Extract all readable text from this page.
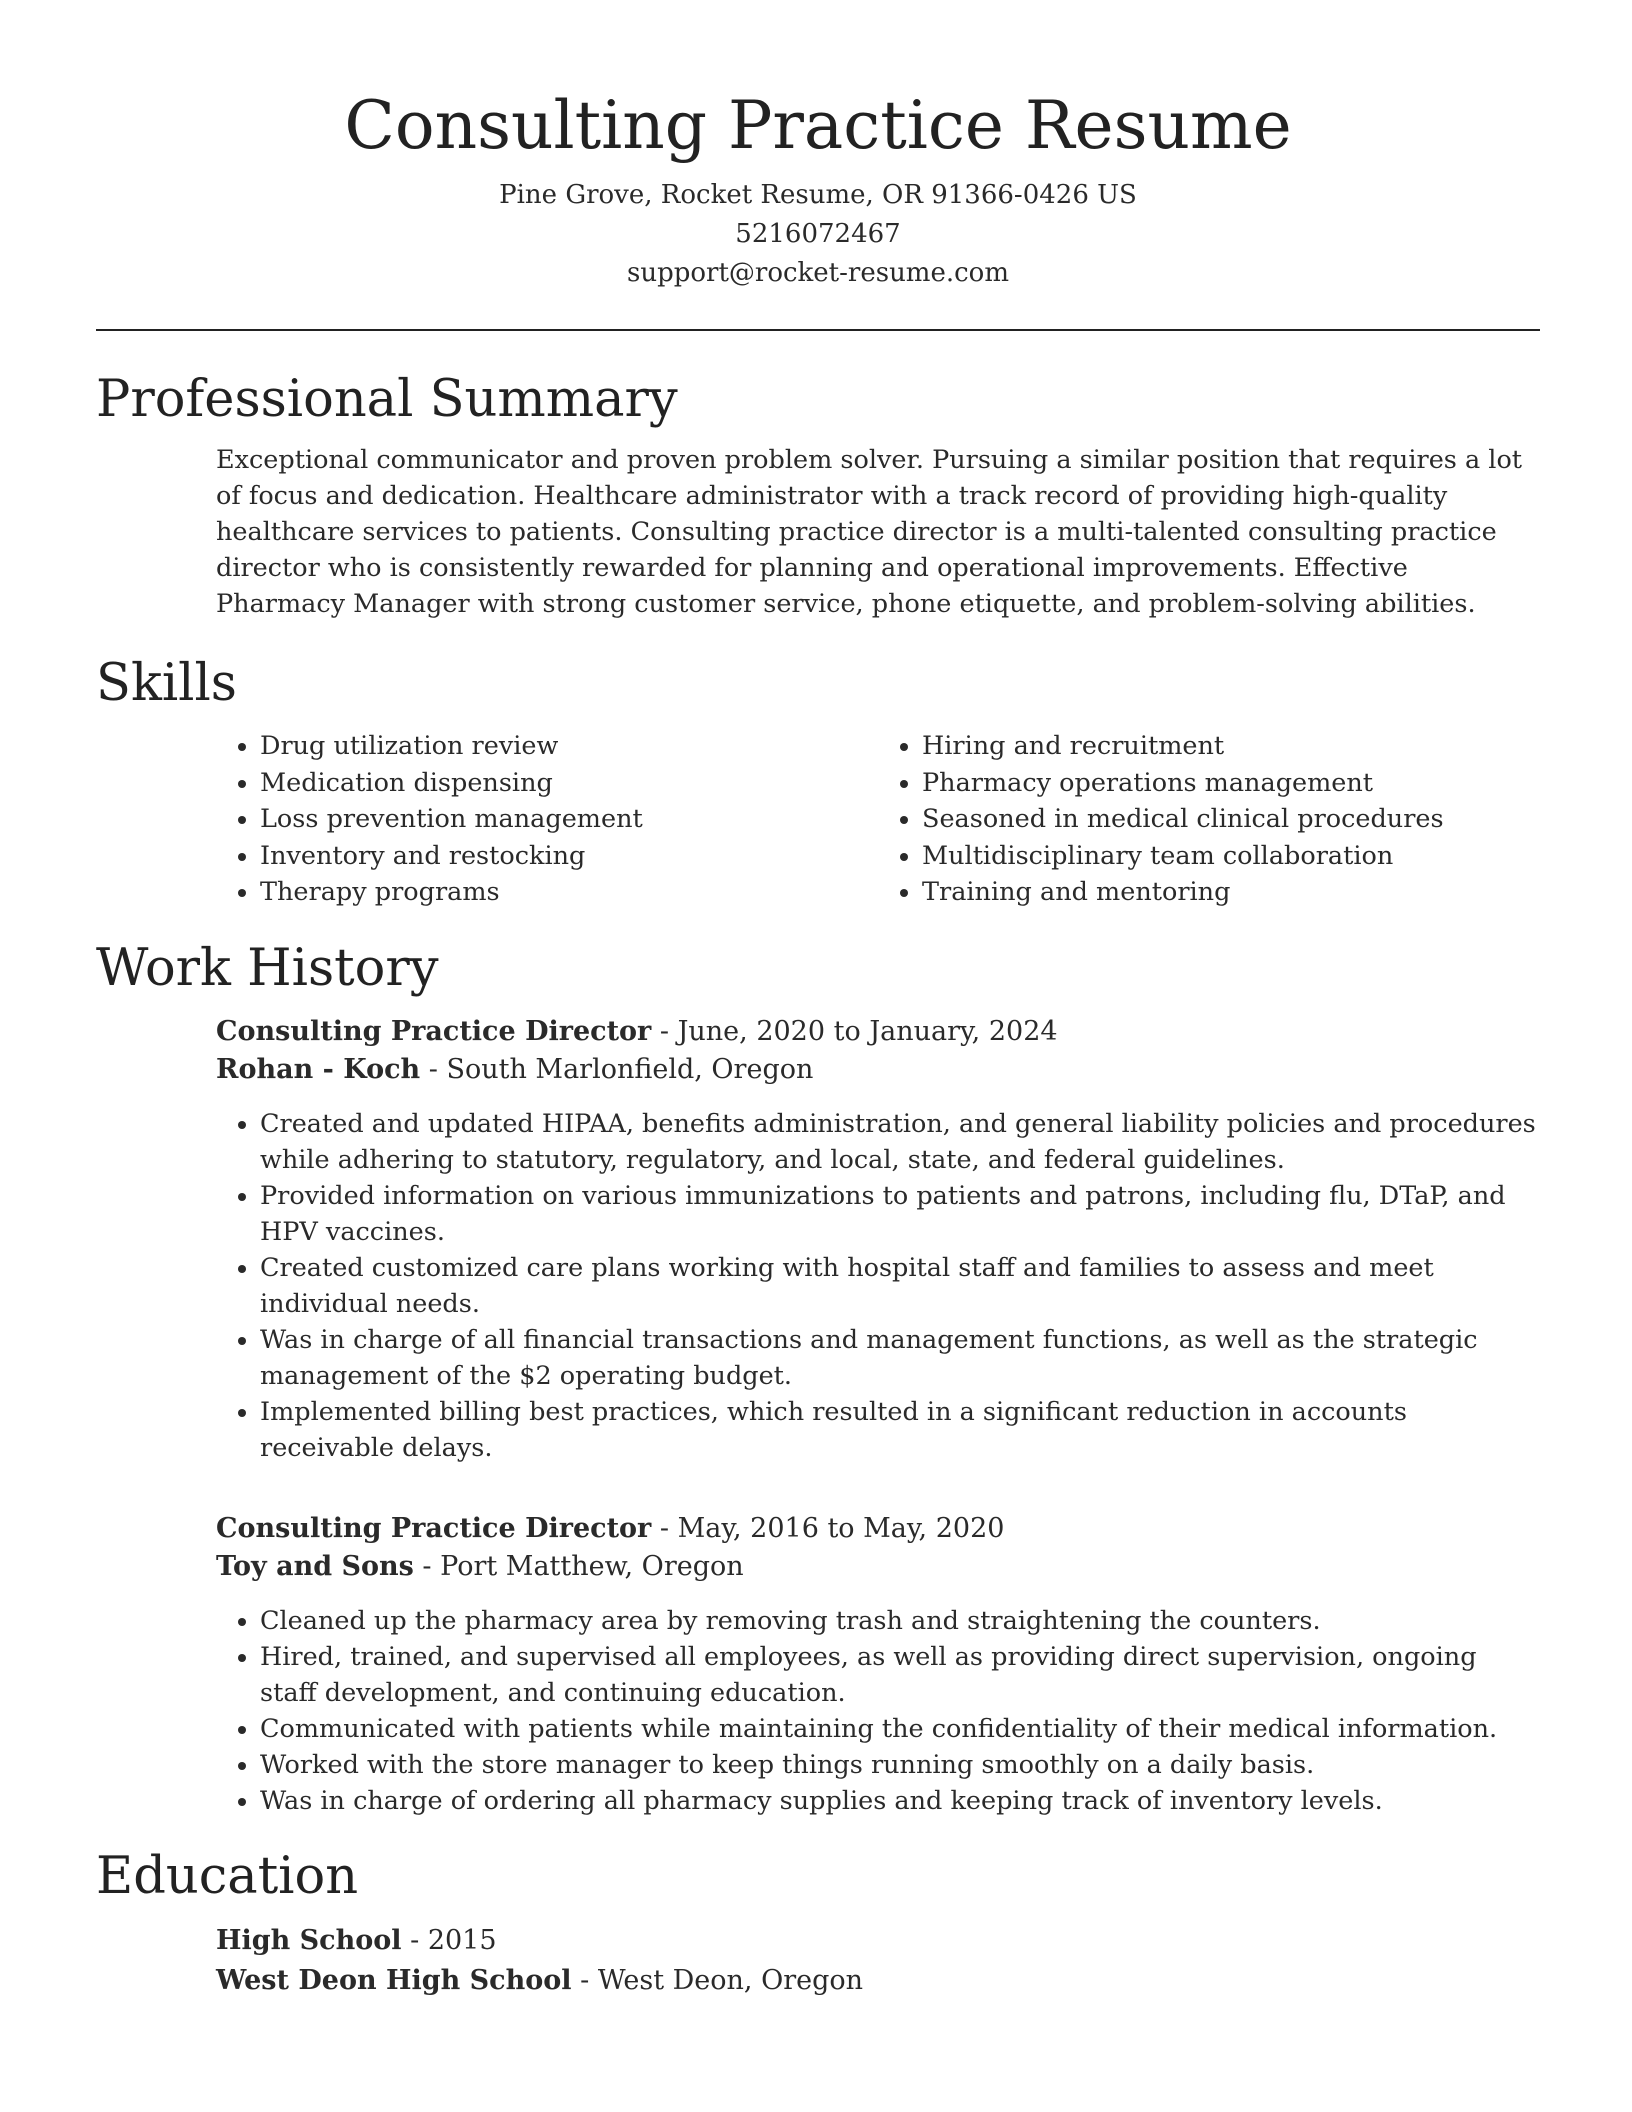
Consulting Practice Resume
Pine Grove, Rocket Resume, OR 91366-0426 US
5216072467
support@rocket-resume.com
Professional Summary
Exceptional communicator and proven problem solver. Pursuing a similar position that requires a lot of focus and dedication. Healthcare administrator with a track record of providing high-quality healthcare services to patients. Consulting practice director is a multi-talented consulting practice director who is consistently rewarded for planning and operational improvements. Effective Pharmacy Manager with strong customer service, phone etiquette, and problem-solving abilities.
Skills
• Drug utilization review
• Medication dispensing
• Loss prevention management
• Inventory and restocking
• Therapy programs
• Hiring and recruitment
• Pharmacy operations management
• Seasoned in medical clinical procedures
• Multidisciplinary team collaboration
• Training and mentoring
Work History
Consulting Practice Director - June, 2020 to January, 2024
Rohan - Koch - South Marlonfield, Oregon
• Created and updated HIPAA, benefits administration, and general liability policies and procedures while adhering to statutory, regulatory, and local, state, and federal guidelines.
• Provided information on various immunizations to patients and patrons, including flu, DTaP, and HPV vaccines.
• Created customized care plans working with hospital staff and families to assess and meet individual needs.
• Was in charge of all financial transactions and management functions, as well as the strategic management of the $2 operating budget.
• Implemented billing best practices, which resulted in a significant reduction in accounts receivable delays.
Consulting Practice Director - May, 2016 to May, 2020
Toy and Sons - Port Matthew, Oregon
• Cleaned up the pharmacy area by removing trash and straightening the counters.
• Hired, trained, and supervised all employees, as well as providing direct supervision, ongoing staff development, and continuing education.
• Communicated with patients while maintaining the confidentiality of their medical information.
• Worked with the store manager to keep things running smoothly on a daily basis.
• Was in charge of ordering all pharmacy supplies and keeping track of inventory levels.
Education
High School - 2015
West Deon High School - West Deon, Oregon
